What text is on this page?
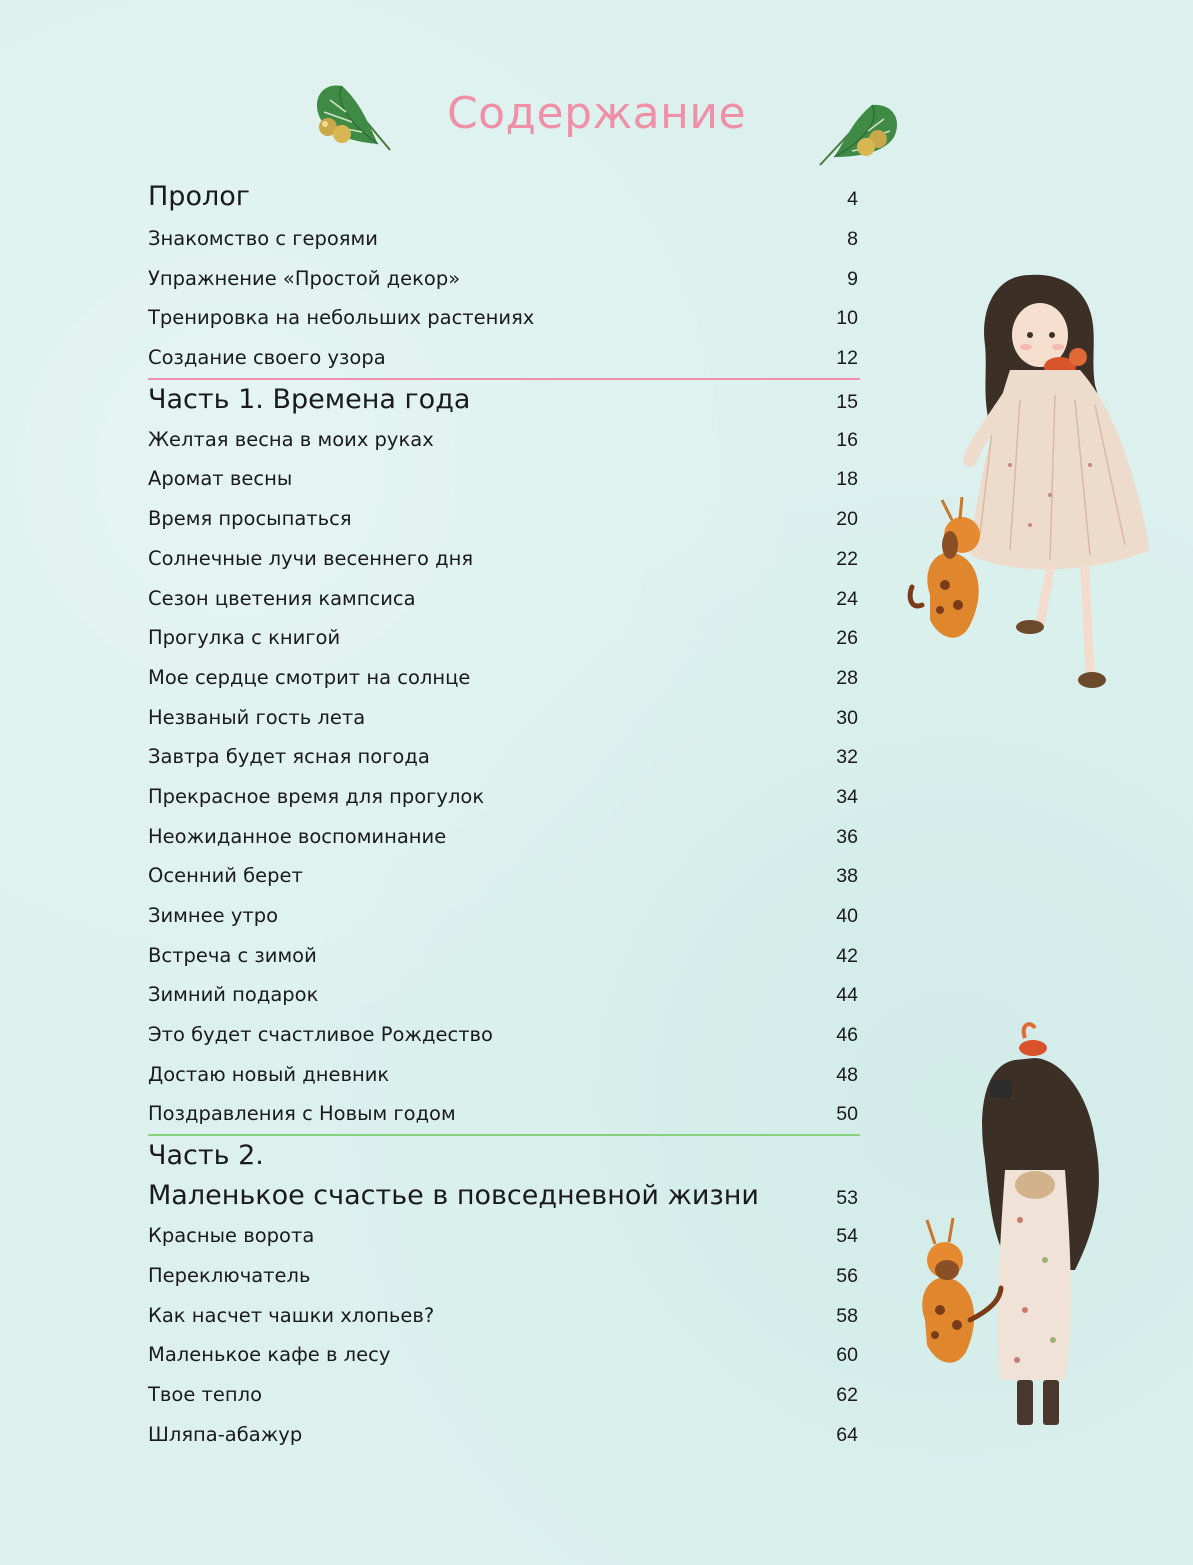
Содержание
Пролог	4
Знакомство с героями	8
Упражнение «Простой декор»	9
Тренировка на небольших растениях	10
Создание своего узора	12
Часть 1. Времена года	15
Желтая весна в моих руках	16
Аромат весны	18
Время просыпаться	20
Солнечные лучи весеннего дня	22
Сезон цветения кампсиса	24
Прогулка с книгой	26
Мое сердце смотрит на солнце	28
Незваный гость лета	30
Завтра будет ясная погода	32
Прекрасное время для прогулок	34
Неожиданное воспоминание	36
Осенний берет	38
Зимнее утро	40
Встреча с зимой	42
Зимний подарок	44
Это будет счастливое Рождество	46
Достаю новый дневник	48
Поздравления с Новым годом	50
Часть 2.
Маленькое счастье в повседневной жизни	53
Красные ворота	54
Переключатель	56
Как насчет чашки хлопьев?	58
Маленькое кафе в лесу	60
Твое тепло	62
Шляпа-абажур	64
